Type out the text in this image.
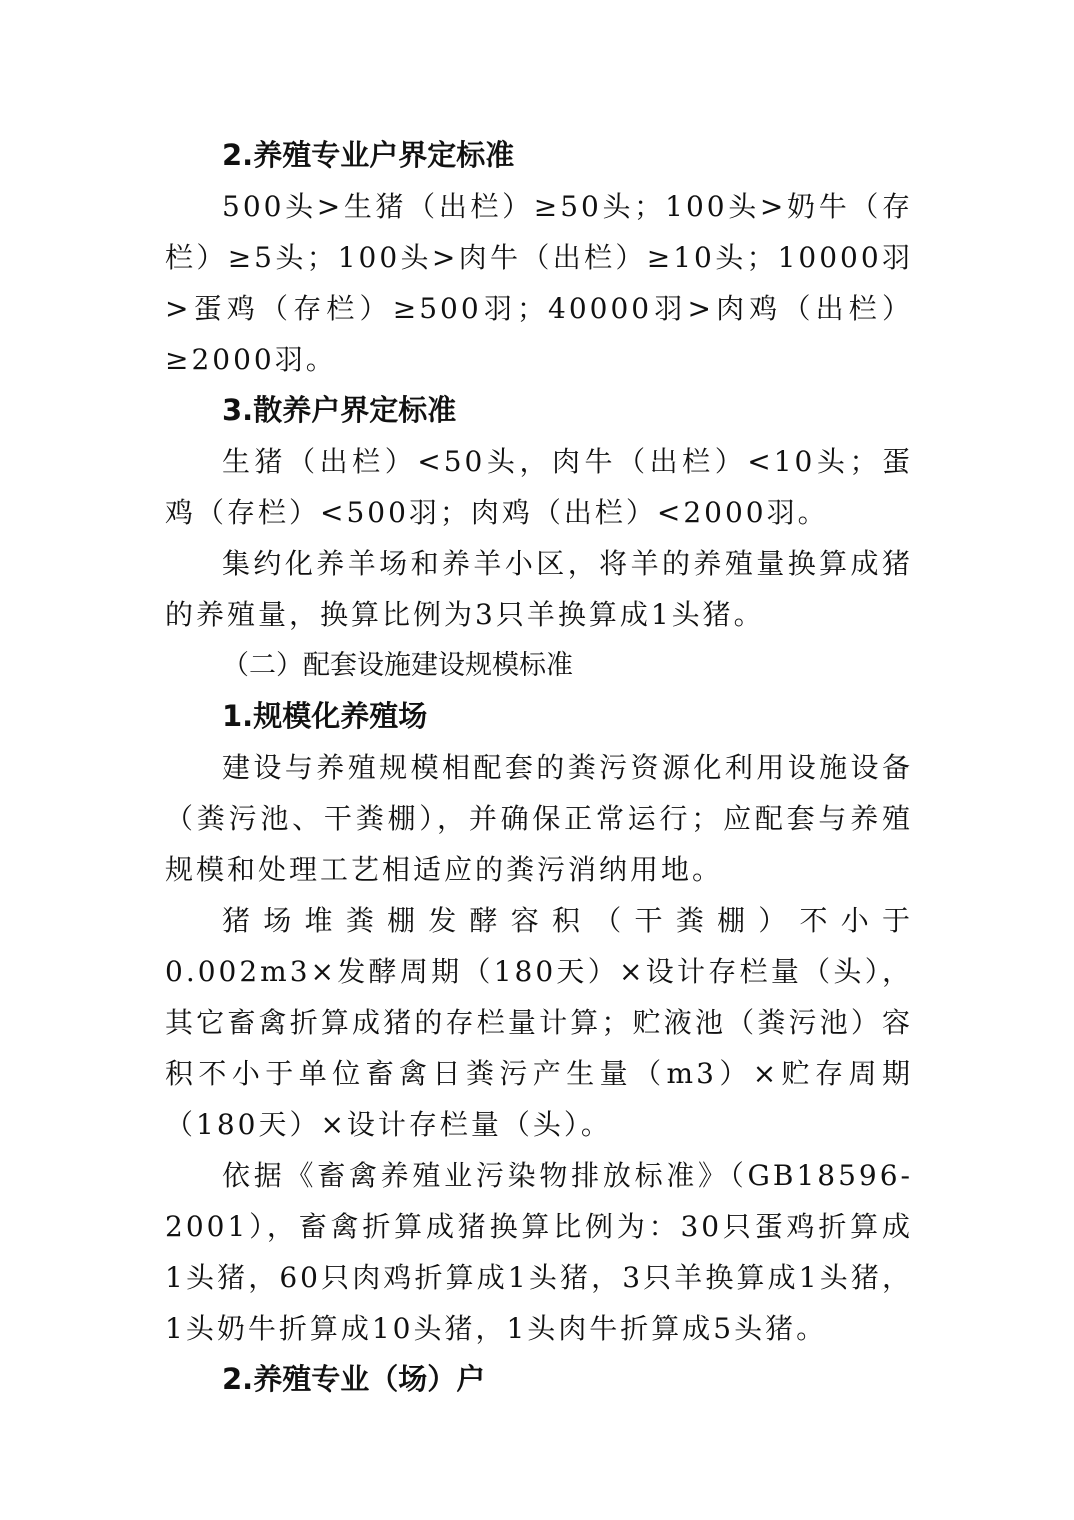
2.养殖专业户界定标准

500头>生猪（出栏）≥50头；100头>奶牛（存栏）≥5头；100头>肉牛（出栏）≥10头；10000羽>蛋鸡（存栏）≥500羽；40000羽>肉鸡（出栏）≥2000羽。

3.散养户界定标准

生猪（出栏）<50头，肉牛（出栏）<10头；蛋鸡（存栏）<500羽；肉鸡（出栏）<2000羽。

集约化养羊场和养羊小区，将羊的养殖量换算成猪的养殖量，换算比例为3只羊换算成1头猪。

（二）配套设施建设规模标准

1.规模化养殖场

建设与养殖规模相配套的粪污资源化利用设施设备（粪污池、干粪棚），并确保正常运行；应配套与养殖规模和处理工艺相适应的粪污消纳用地。

猪场堆粪棚发酵容积（干粪棚）不小于0.002m3×发酵周期（180天）×设计存栏量（头），其它畜禽折算成猪的存栏量计算；贮液池（粪污池）容积不小于单位畜禽日粪污产生量（m3）×贮存周期（180天）×设计存栏量（头）。

依据《畜禽养殖业污染物排放标准》（GB18596-2001），畜禽折算成猪换算比例为：30只蛋鸡折算成1头猪，60只肉鸡折算成1头猪，3只羊换算成1头猪，1头奶牛折算成10头猪，1头肉牛折算成5头猪。

2.养殖专业（场）户
